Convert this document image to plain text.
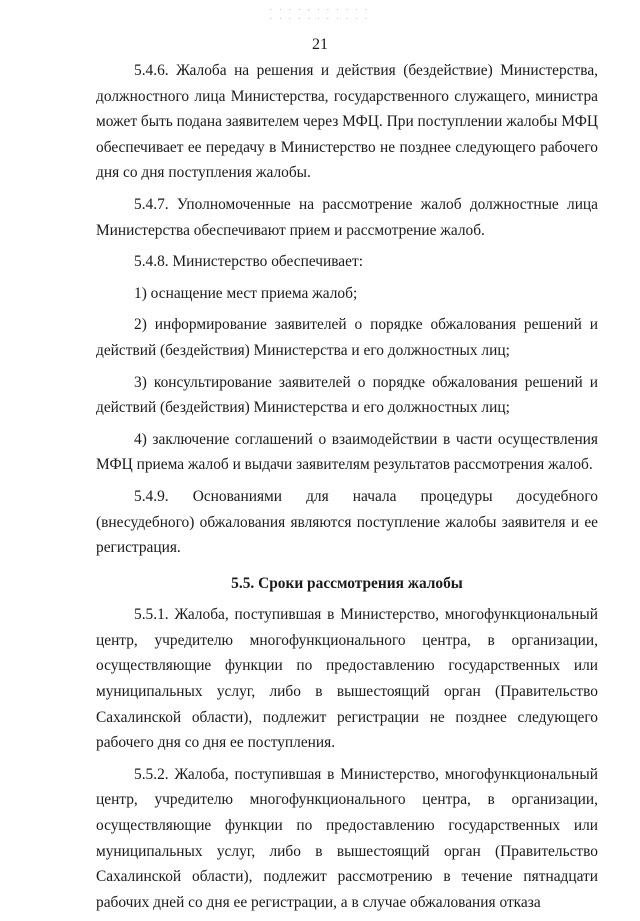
. . . . , . . . . . .
. . . . . . . . . . .
21

5.4.6. Жалоба на решения и действия (бездействие) Министерства, должностного лица Министерства, государственного служащего, министра может быть подана заявителем через МФЦ. При поступлении жалобы МФЦ обеспечивает ее передачу в Министерство не позднее следующего рабочего дня со дня поступления жалобы.

5.4.7. Уполномоченные на рассмотрение жалоб должностные лица Министерства обеспечивают прием и рассмотрение жалоб.

5.4.8. Министерство обеспечивает:

1) оснащение мест приема жалоб;

2) информирование заявителей о порядке обжалования решений и действий (бездействия) Министерства и его должностных лиц;

3) консультирование заявителей о порядке обжалования решений и действий (бездействия) Министерства и его должностных лиц;

4) заключение соглашений о взаимодействии в части осуществления МФЦ приема жалоб и выдачи заявителям результатов рассмотрения жалоб.

5.4.9. Основаниями для начала процедуры досудебного (внесудебного) обжалования являются поступление жалобы заявителя и ее регистрация.

5.5. Сроки рассмотрения жалобы

5.5.1. Жалоба, поступившая в Министерство, многофункциональный центр, учредителю многофункционального центра, в организации, осуществляющие функции по предоставлению государственных или муниципальных услуг, либо в вышестоящий орган (Правительство Сахалинской области), подлежит регистрации не позднее следующего рабочего дня со дня ее поступления.

5.5.2. Жалоба, поступившая в Министерство, многофункциональный центр, учредителю многофункционального центра, в организации, осуществляющие функции по предоставлению государственных или муниципальных услуг, либо в вышестоящий орган (Правительство Сахалинской области), подлежит рассмотрению в течение пятнадцати рабочих дней со дня ее регистрации, а в случае обжалования отказа
